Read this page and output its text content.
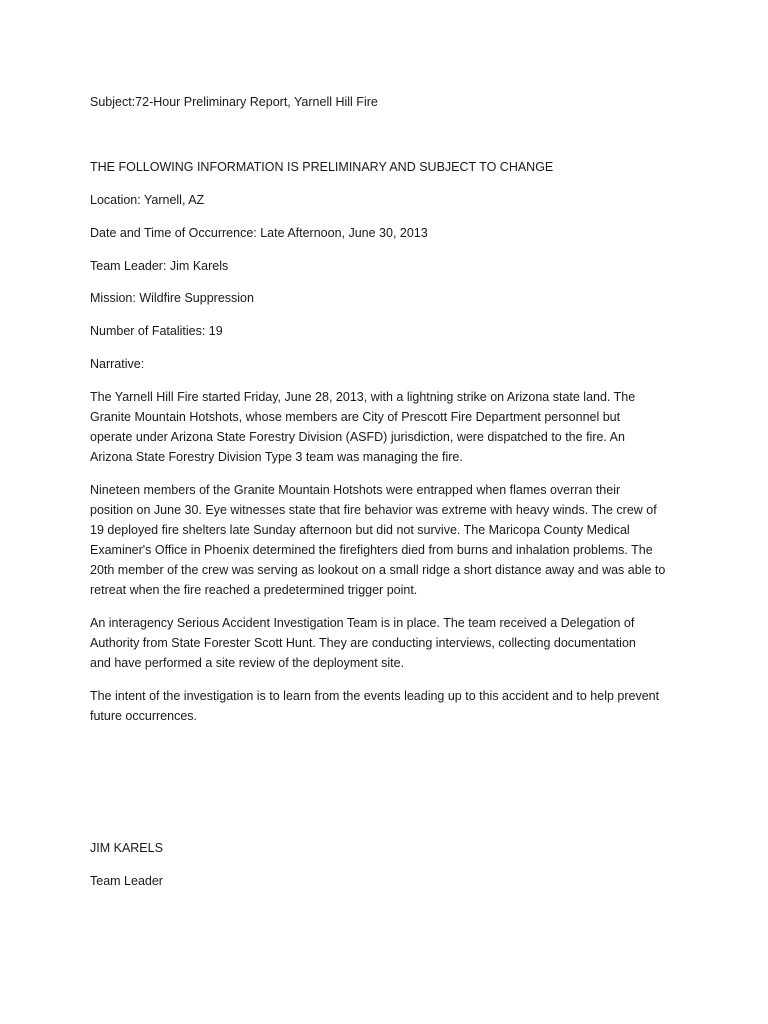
Subject:72-Hour Preliminary Report, Yarnell Hill Fire

THE FOLLOWING INFORMATION IS PRELIMINARY AND SUBJECT TO CHANGE

Location: Yarnell, AZ

Date and Time of Occurrence: Late Afternoon, June 30, 2013

Team Leader: Jim Karels

Mission: Wildfire Suppression

Number of Fatalities: 19

Narrative:

The Yarnell Hill Fire started Friday, June 28, 2013, with a lightning strike on Arizona state land. The
Granite Mountain Hotshots, whose members are City of Prescott Fire Department personnel but
operate under Arizona State Forestry Division (ASFD) jurisdiction, were dispatched to the fire. An
Arizona State Forestry Division Type 3 team was managing the fire.
Nineteen members of the Granite Mountain Hotshots were entrapped when flames overran their
position on June 30. Eye witnesses state that fire behavior was extreme with heavy winds. The crew of
19 deployed fire shelters late Sunday afternoon but did not survive. The Maricopa County Medical
Examiner's Office in Phoenix determined the firefighters died from burns and inhalation problems. The
20th member of the crew was serving as lookout on a small ridge a short distance away and was able to
retreat when the fire reached a predetermined trigger point.
An interagency Serious Accident Investigation Team is in place. The team received a Delegation of
Authority from State Forester Scott Hunt. They are conducting interviews, collecting documentation
and have performed a site review of the deployment site.
The intent of the investigation is to learn from the events leading up to this accident and to help prevent
future occurrences.

JIM KARELS

Team Leader
